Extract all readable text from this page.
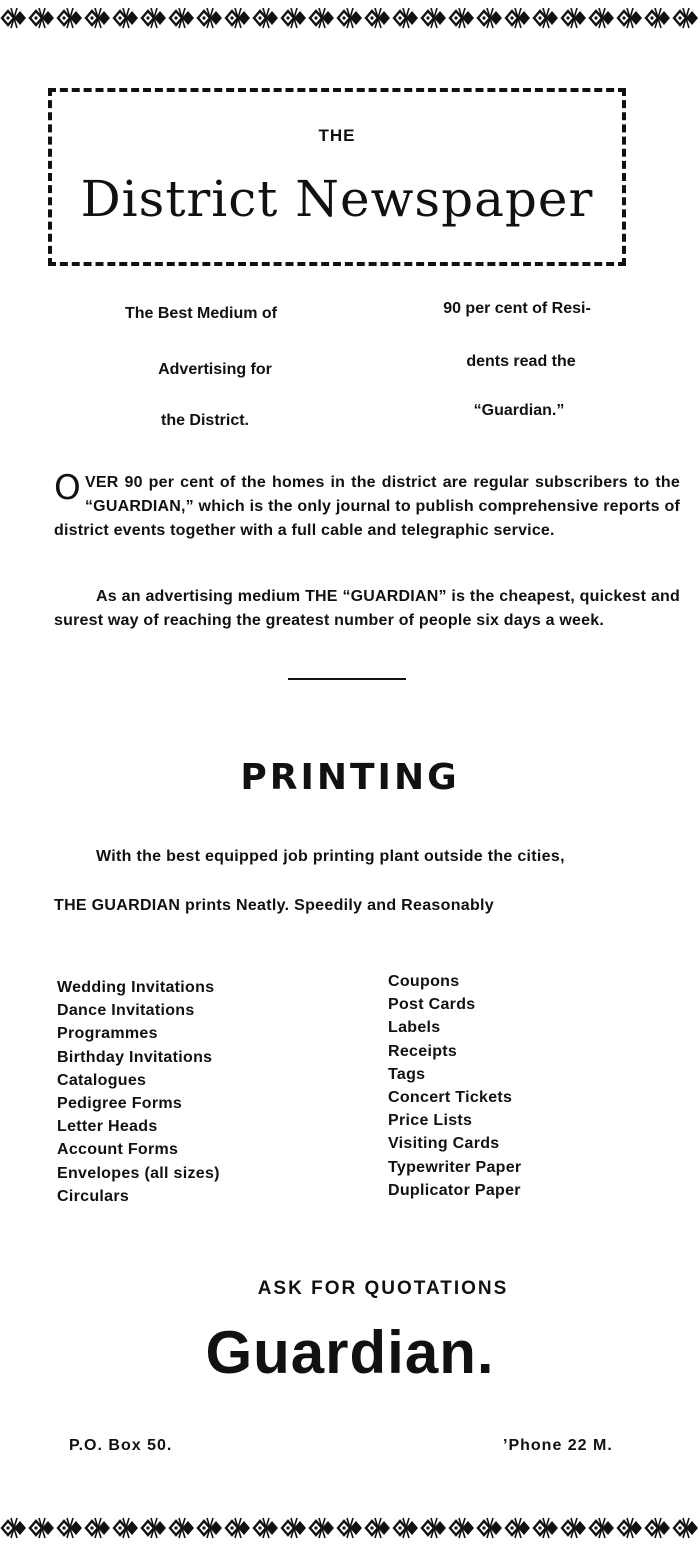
THE
District Newspaper
The Best Medium of
Advertising for
the District.
90 per cent of Resi-
dents read the
“Guardian.”
OVER 90 per cent of the homes in the district are regular subscribers to the “GUARDIAN,” which is the only journal to publish comprehensive reports of district events together with a full cable and telegraphic service.
As an advertising medium THE “GUARDIAN” is the cheapest, quickest and surest way of reaching the greatest number of people six days a week.
PRINTING
With the best equipped job printing plant outside the cities,
THE GUARDIAN prints Neatly. Speedily and Reasonably
Wedding Invitations
Dance Invitations
Programmes
Birthday Invitations
Catalogues
Pedigree Forms
Letter Heads
Account Forms
Envelopes (all sizes)
Circulars
Coupons
Post Cards
Labels
Receipts
Tags
Concert Tickets
Price Lists
Visiting Cards
Typewriter Paper
Duplicator Paper
ASK FOR QUOTATIONS
Guardian.
P.O. Box 50.	’Phone 22 M.
